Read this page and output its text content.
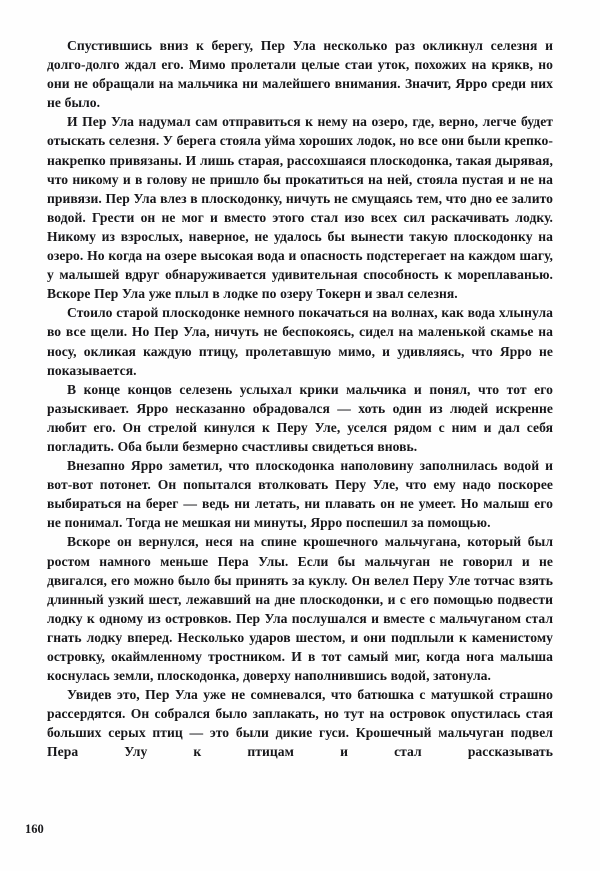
Спустившись вниз к берегу, Пер Ула несколько раз окликнул селезня и долго-долго ждал его. Мимо пролетали целые стаи уток, похожих на крякв, но они не обращали на мальчика ни малейшего внимания. Значит, Ярро среди них не было.

И Пер Ула надумал сам отправиться к нему на озеро, где, верно, легче будет отыскать селезня. У берега стояла уйма хороших лодок, но все они были крепко-накрепко привязаны. И лишь старая, рассохшаяся плоскодонка, такая дырявая, что никому и в голову не пришло бы прокатиться на ней, стояла пустая и не на привязи. Пер Ула влез в плоскодонку, ничуть не смущаясь тем, что дно ее залито водой. Грести он не мог и вместо этого стал изо всех сил раскачивать лодку. Никому из взрослых, наверное, не удалось бы вынести такую плоскодонку на озеро. Но когда на озере высокая вода и опасность подстерегает на каждом шагу, у малышей вдруг обнаруживается удивительная способность к мореплаванью. Вскоре Пер Ула уже плыл в лодке по озеру Токерн и звал селезня.

Стоило старой плоскодонке немного покачаться на волнах, как вода хлынула во все щели. Но Пер Ула, ничуть не беспокоясь, сидел на маленькой скамье на носу, окликая каждую птицу, пролетавшую мимо, и удивляясь, что Ярро не показывается.

В конце концов селезень услыхал крики мальчика и понял, что тот его разыскивает. Ярро несказанно обрадовался — хоть один из людей искренне любит его. Он стрелой кинулся к Перу Уле, уселся рядом с ним и дал себя погладить. Оба были безмерно счастливы свидеться вновь.

Внезапно Ярро заметил, что плоскодонка наполовину заполнилась водой и вот-вот потонет. Он попытался втолковать Перу Уле, что ему надо поскорее выбираться на берег — ведь ни летать, ни плавать он не умеет. Но малыш его не понимал. Тогда не мешкая ни минуты, Ярро поспешил за помощью.

Вскоре он вернулся, неся на спине крошечного мальчугана, который был ростом намного меньше Пера Улы. Если бы мальчуган не говорил и не двигался, его можно было бы принять за куклу. Он велел Перу Уле тотчас взять длинный узкий шест, лежавший на дне плоскодонки, и с его помощью подвести лодку к одному из островков. Пер Ула послушался и вместе с мальчуганом стал гнать лодку вперед. Несколько ударов шестом, и они подплыли к каменистому островку, окаймленному тростником. И в тот самый миг, когда нога малыша коснулась земли, плоскодонка, доверху наполнившись водой, затонула.

Увидев это, Пер Ула уже не сомневался, что батюшка с матушкой страшно рассердятся. Он собрался было заплакать, но тут на островок опустилась стая больших серых птиц — это были дикие гуси. Крошечный мальчуган подвел Пера Улу к птицам и стал рассказывать

160
